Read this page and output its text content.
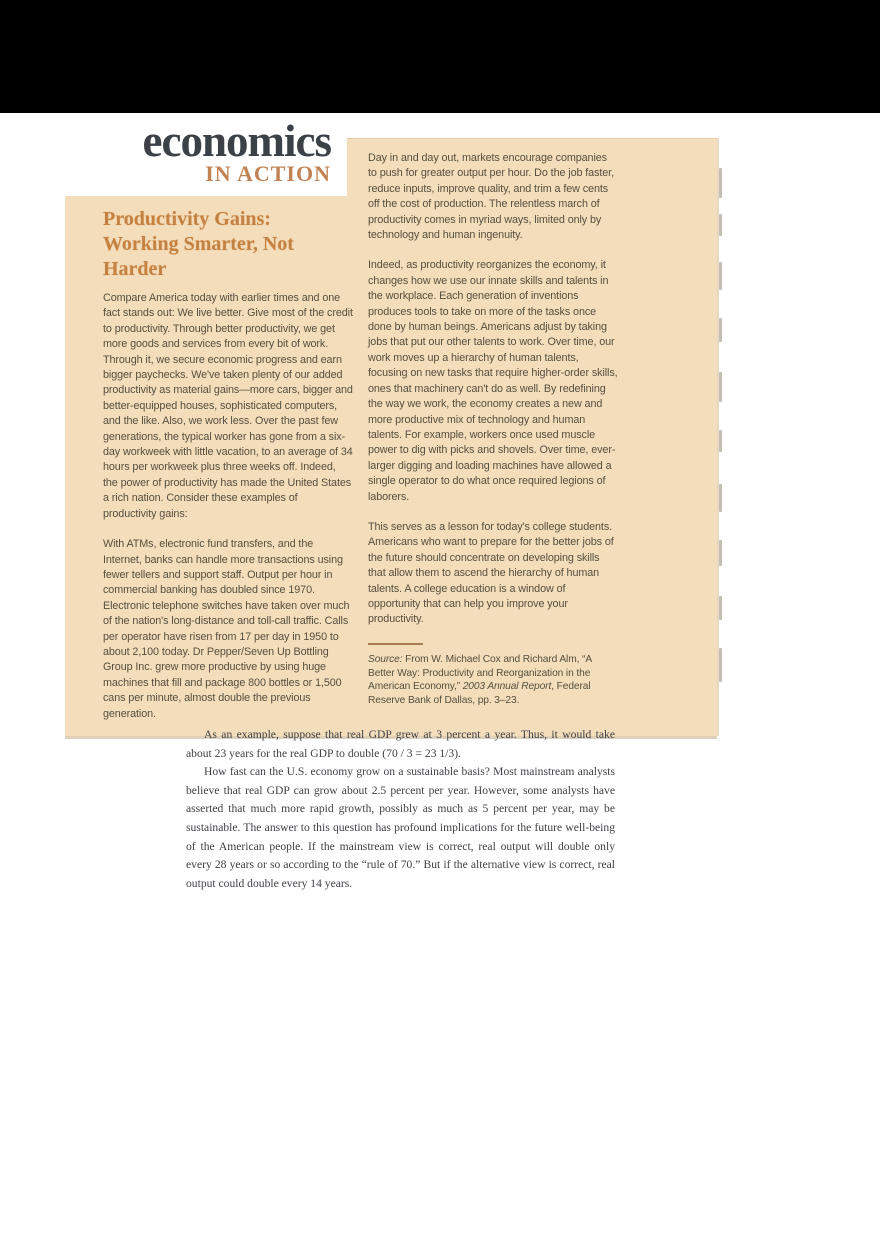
economics
IN ACTION
Productivity Gains: Working Smarter, Not Harder

Compare America today with earlier times and one fact stands out: We live better. Give most of the credit to productivity. Through better productivity, we get more goods and services from every bit of work. Through it, we secure economic progress and earn bigger paychecks. We've taken plenty of our added productivity as material gains—more cars, bigger and better-equipped houses, sophisticated computers, and the like. Also, we work less. Over the past few generations, the typical worker has gone from a six-day workweek with little vacation, to an average of 34 hours per workweek plus three weeks off. Indeed, the power of productivity has made the United States a rich nation. Consider these examples of productivity gains:

With ATMs, electronic fund transfers, and the Internet, banks can handle more transactions using fewer tellers and support staff. Output per hour in commercial banking has doubled since 1970. Electronic telephone switches have taken over much of the nation's long-distance and toll-call traffic. Calls per operator have risen from 17 per day in 1950 to about 2,100 today. Dr Pepper/Seven Up Bottling Group Inc. grew more productive by using huge machines that fill and package 800 bottles or 1,500 cans per minute, almost double the previous generation.

Day in and day out, markets encourage companies to push for greater output per hour. Do the job faster, reduce inputs, improve quality, and trim a few cents off the cost of production. The relentless march of productivity comes in myriad ways, limited only by technology and human ingenuity.

Indeed, as productivity reorganizes the economy, it changes how we use our innate skills and talents in the workplace. Each generation of inventions produces tools to take on more of the tasks once done by human beings. Americans adjust by taking jobs that put our other talents to work. Over time, our work moves up a hierarchy of human talents, focusing on new tasks that require higher-order skills, ones that machinery can't do as well. By redefining the way we work, the economy creates a new and more productive mix of technology and human talents. For example, workers once used muscle power to dig with picks and shovels. Over time, ever-larger digging and loading machines have allowed a single operator to do what once required legions of laborers.

This serves as a lesson for today's college students. Americans who want to prepare for the better jobs of the future should concentrate on developing skills that allow them to ascend the hierarchy of human talents. A college education is a window of opportunity that can help you improve your productivity.

Source: From W. Michael Cox and Richard Alm, “A Better Way: Productivity and Reorganization in the American Economy,” 2003 Annual Report, Federal Reserve Bank of Dallas, pp. 3–23.

As an example, suppose that real GDP grew at 3 percent a year. Thus, it would take about 23 years for the real GDP to double (70 / 3 = 23 1/3).

How fast can the U.S. economy grow on a sustainable basis? Most mainstream analysts believe that real GDP can grow about 2.5 percent per year. However, some analysts have asserted that much more rapid growth, possibly as much as 5 percent per year, may be sustainable. The answer to this question has profound implications for the future well-being of the American people. If the mainstream view is correct, real output will double only every 28 years or so according to the “rule of 70.” But if the alternative view is correct, real output could double every 14 years.
